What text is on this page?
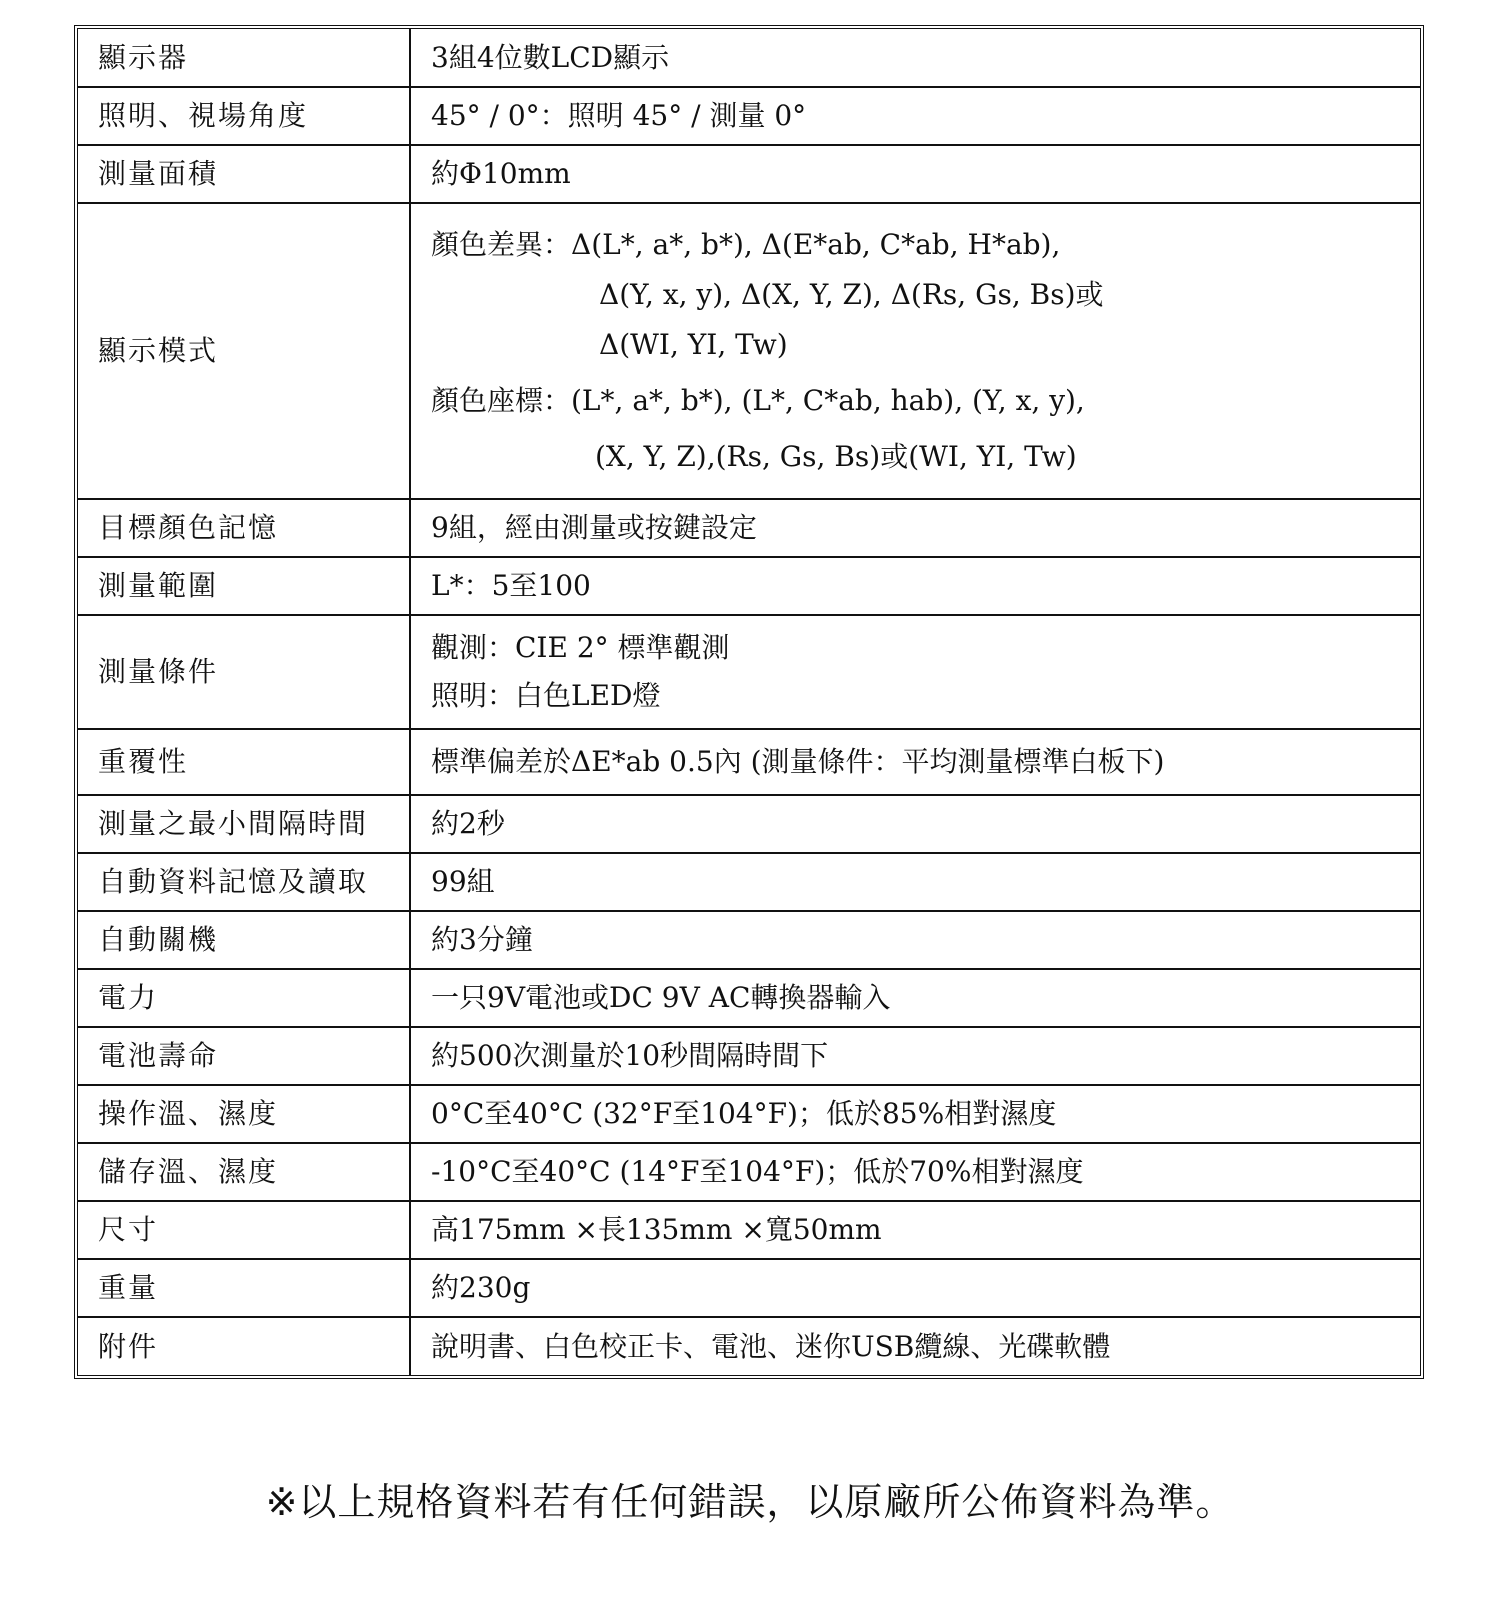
顯示器	3組4位數LCD顯示
照明、視場角度	45° / 0°：照明 45° / 測量 0°
測量面積	約Φ10mm
顯示模式	顏色差異：Δ(L*, a*, b*), Δ(E*ab, C*ab, H*ab),
Δ(Y, x, y), Δ(X, Y, Z), Δ(Rs, Gs, Bs)或
Δ(WI, YI, Tw)
顏色座標：(L*, a*, b*), (L*, C*ab, hab), (Y, x, y),
(X, Y, Z),(Rs, Gs, Bs)或(WI, YI, Tw)

目標顏色記憶	9組，經由測量或按鍵設定
測量範圍	L*：5至100
測量條件	觀測：CIE 2° 標準觀測
照明：白色LED燈

重覆性	標準偏差於ΔE*ab 0.5內 (測量條件：平均測量標準白板下)
測量之最小間隔時間	約2秒
自動資料記憶及讀取	99組
自動關機	約3分鐘
電力	一只9V電池或DC 9V AC轉換器輸入
電池壽命	約500次測量於10秒間隔時間下
操作溫、濕度	0°C至40°C (32°F至104°F)；低於85%相對濕度
儲存溫、濕度	-10°C至40°C (14°F至104°F)；低於70%相對濕度
尺寸	高175mm ×長135mm ×寬50mm
重量	約230g
附件	說明書、白色校正卡、電池、迷你USB纜線、光碟軟體
※以上規格資料若有任何錯誤，以原廠所公佈資料為準。
